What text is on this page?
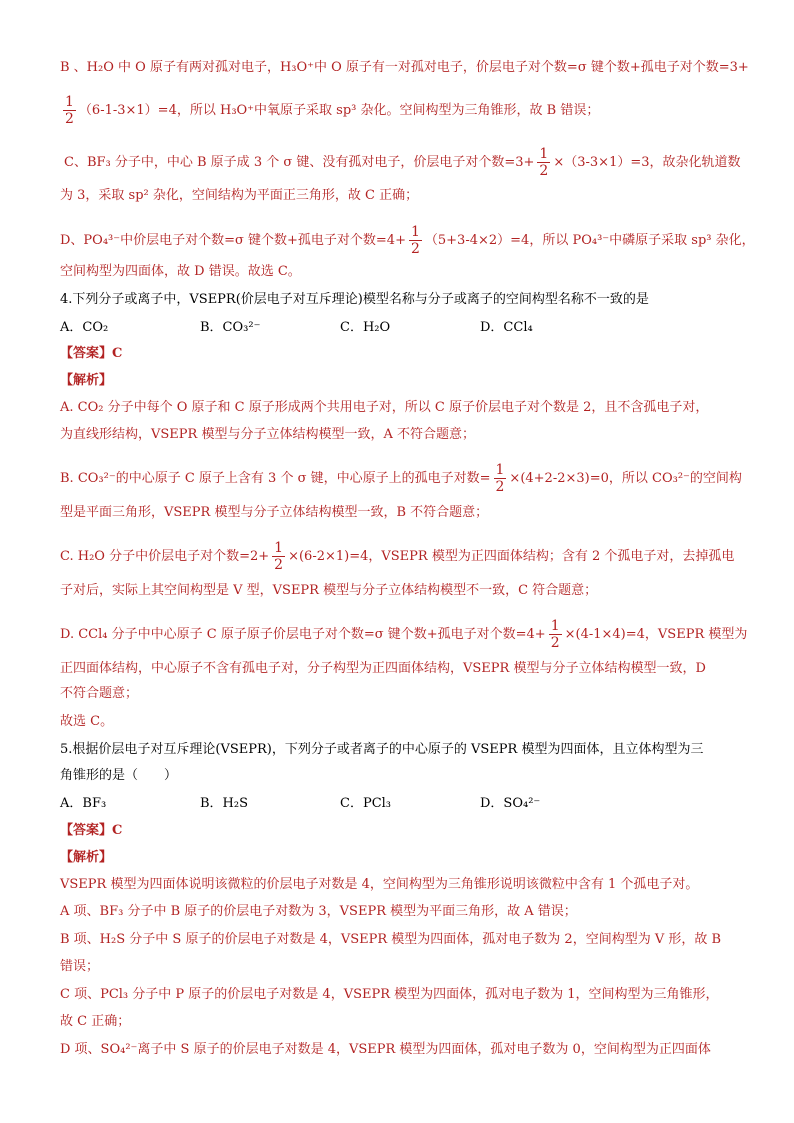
B 、H₂O 中 O 原子有两对孤对电子，H₃O⁺中 O 原子有一对孤对电子，价层电子对个数=σ 键个数+孤电子对个数=3+
$\frac{1}{2} (6-1-3\times 1)=4$，所以 H₃O⁺中氧原子采取 sp³ 杂化。空间构型为三角锥形，故 B 错误；
C、BF₃ 分子中，中心 B 原子成 3 个 σ 键、没有孤对电子，价层电子对个数$=3+ \frac{1}{2} \times(3-3\times 1)=3$，故杂化轨道数
为 3，采取 sp² 杂化，空间结构为平面正三角形，故 C 正确；
D、PO₄³⁻中价层电子对个数=σ 键个数+孤电子对个数$=4+ \frac{1}{2} (5+3-4\times 2)=4$，所以 PO₄³⁻中磷原子采取 sp³ 杂化，
空间构型为四面体，故 D 错误。故选 C。
4.下列分子或离子中，VSEPR(价层电子对互斥理论)模型名称与分子或离子的空间构型名称不一致的是
A．CO₂	B．CO₃²⁻	C．H₂O	D．CCl₄
【答案】C
【解析】
A. CO₂ 分子中每个 O 原子和 C 原子形成两个共用电子对，所以 C 原子价层电子对个数是 2，且不含孤电子对，
为直线形结构，VSEPR 模型与分子立体结构模型一致，A 不符合题意；
B. CO₃²⁻的中心原子 C 原子上含有 3 个 σ 键，中心原子上的孤电子对数= $\frac{1}{2} \times(4+2-2\times 3)=0$，所以 CO₃²⁻的空间构
型是平面三角形，VSEPR 模型与分子立体结构模型一致，B 不符合题意；
C. H₂O 分子中价层电子对个数$=2+ \frac{1}{2} \times(6-2\times 1)=4$，VSEPR 模型为正四面体结构；含有 2 个孤电子对，去掉孤电
子对后，实际上其空间构型是 V 型，VSEPR 模型与分子立体结构模型不一致，C 符合题意；
D. CCl₄ 分子中中心原子 C 原子原子价层电子对个数=σ 键个数+孤电子对个数$=4+ \frac{1}{2} \times(4-1\times 4)=4$，VSEPR 模型为
正四面体结构，中心原子不含有孤电子对，分子构型为正四面体结构，VSEPR 模型与分子立体结构模型一致，D
不符合题意；
故选 C。
5.根据价层电子对互斥理论(VSEPR)，下列分子或者离子的中心原子的 VSEPR 模型为四面体，且立体构型为三
角锥形的是（　　）
A．BF₃	B．H₂S	C．PCl₃	D．SO₄²⁻
【答案】C
【解析】
VSEPR 模型为四面体说明该微粒的价层电子对数是 4，空间构型为三角锥形说明该微粒中含有 1 个孤电子对。
A 项、BF₃ 分子中 B 原子的价层电子对数为 3，VSEPR 模型为平面三角形，故 A 错误；
B 项、H₂S 分子中 S 原子的价层电子对数是 4，VSEPR 模型为四面体，孤对电子数为 2，空间构型为 V 形，故 B
错误；
C 项、PCl₃ 分子中 P 原子的价层电子对数是 4，VSEPR 模型为四面体，孤对电子数为 1，空间构型为三角锥形，
故 C 正确；
D 项、SO₄²⁻离子中 S 原子的价层电子对数是 4，VSEPR 模型为四面体，孤对电子数为 0，空间构型为正四面体
